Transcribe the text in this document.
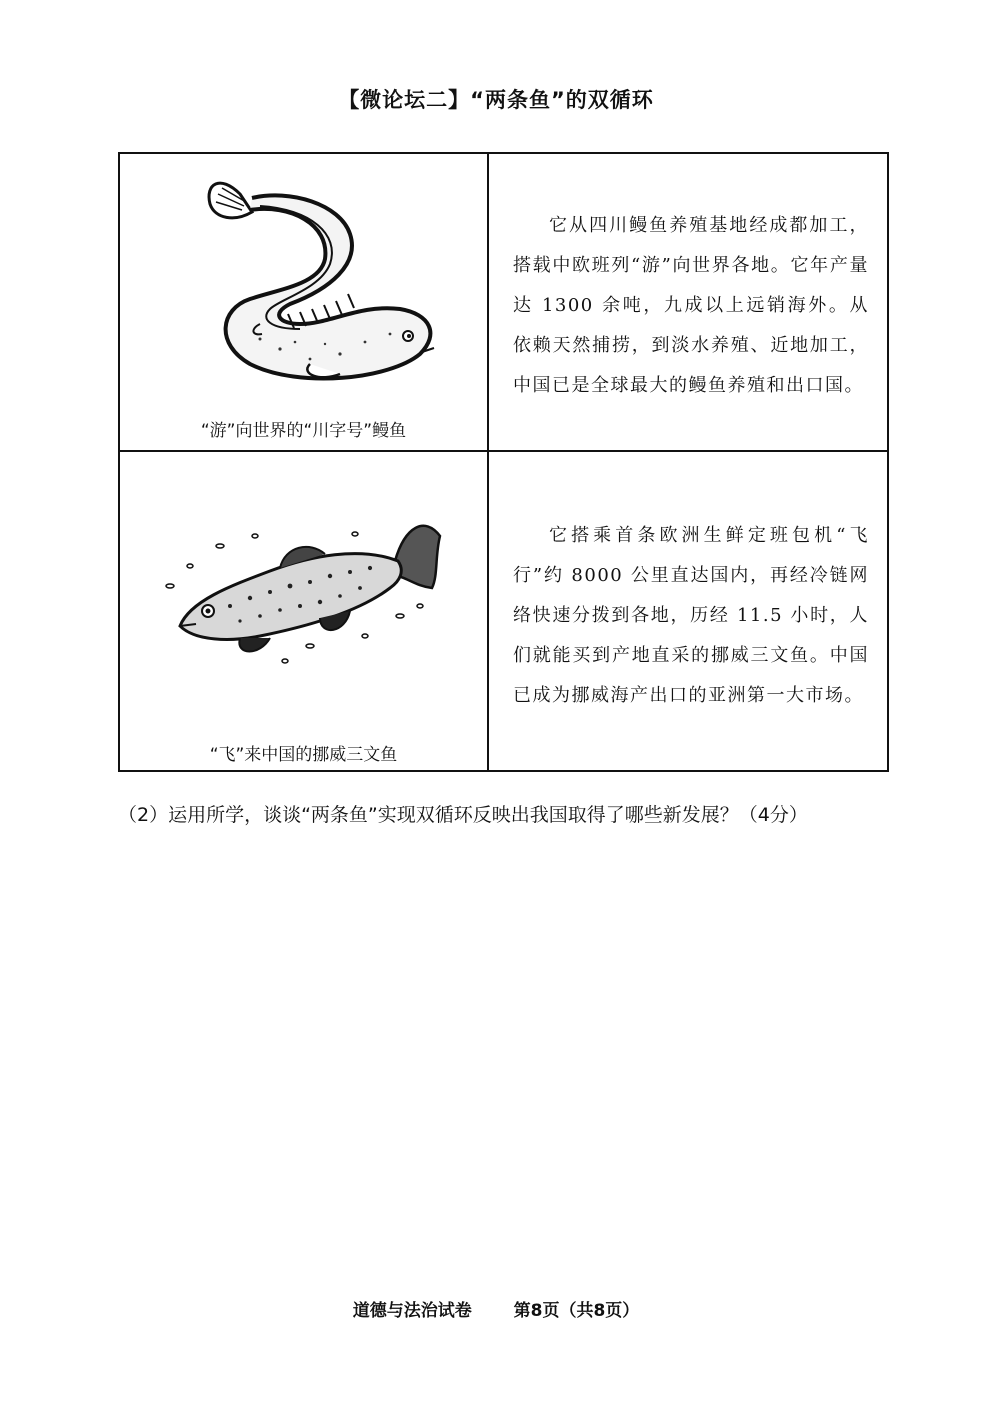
【微论坛二】“两条鱼”的双循环
“游”向世界的“川字号”鳗鱼

它从四川鳗鱼养殖基地经成都加工，搭载中欧班列“游”向世界各地。它年产量达 1300 余吨，九成以上远销海外。从依赖天然捕捞，到淡水养殖、近地加工，中国已是全球最大的鳗鱼养殖和出口国。

“飞”来中国的挪威三文鱼

它搭乘首条欧洲生鲜定班包机“飞行”约 8000 公里直达国内，再经冷链网络快速分拨到各地，历经 11.5 小时，人们就能买到产地直采的挪威三文鱼。中国已成为挪威海产出口的亚洲第一大市场。

（2）运用所学，谈谈“两条鱼”实现双循环反映出我国取得了哪些新发展？（4分）
道德与法治试卷 第8页（共8页）
